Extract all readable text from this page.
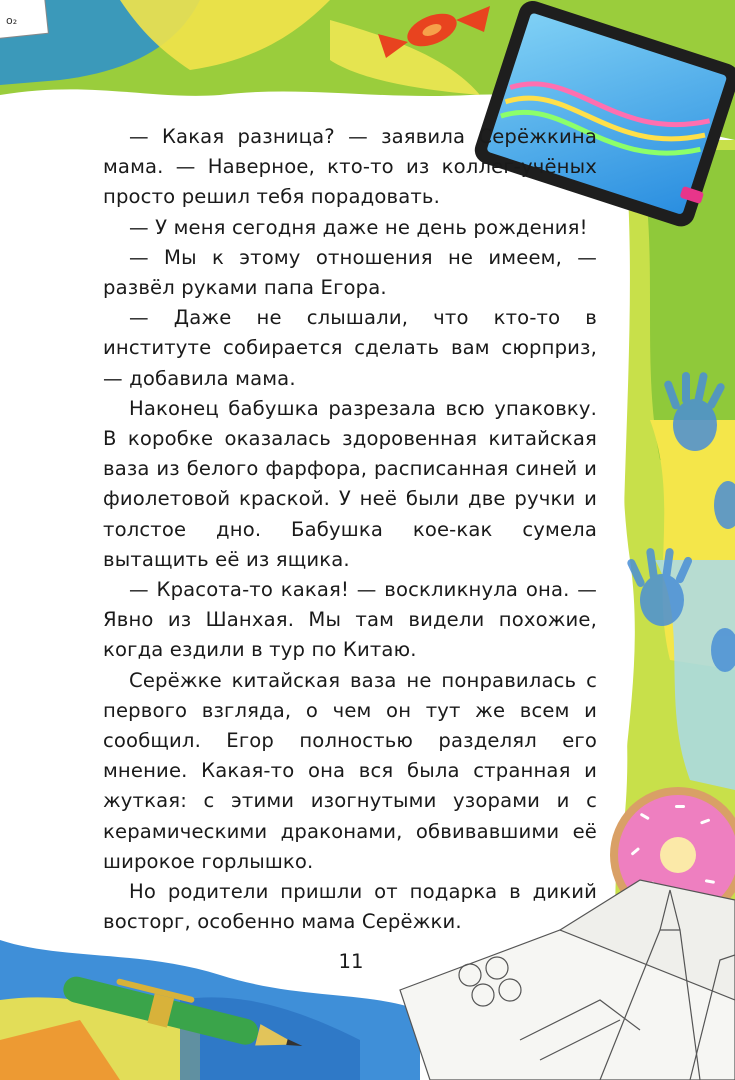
o₂

— Какая разница? — заявила Серёжкина мама. — Наверное, кто-то из коллег-учёных просто решил тебя порадовать.

— У меня сегодня даже не день рождения!

— Мы к этому отношения не имеем, — развёл руками папа Егора.

— Даже не слышали, что кто-то в институте собирается сделать вам сюрприз, — добавила мама.

Наконец бабушка разрезала всю упаковку. В коробке оказалась здоровенная китайская ваза из белого фарфора, расписанная синей и фиолетовой краской. У неё были две ручки и толстое дно. Бабушка кое-как сумела вытащить её из ящика.

— Красота-то какая! — воскликнула она. — Явно из Шанхая. Мы там видели похожие, когда ездили в тур по Китаю.

Серёжке китайская ваза не понравилась с первого взгляда, о чем он тут же всем и сообщил. Егор полностью разделял его мнение. Какая-то она вся была странная и жуткая: с этими изогнутыми узорами и с керамическими драконами, обвивавшими её широкое горлышко.

Но родители пришли от подарка в дикий восторг, особенно мама Серёжки.

11
